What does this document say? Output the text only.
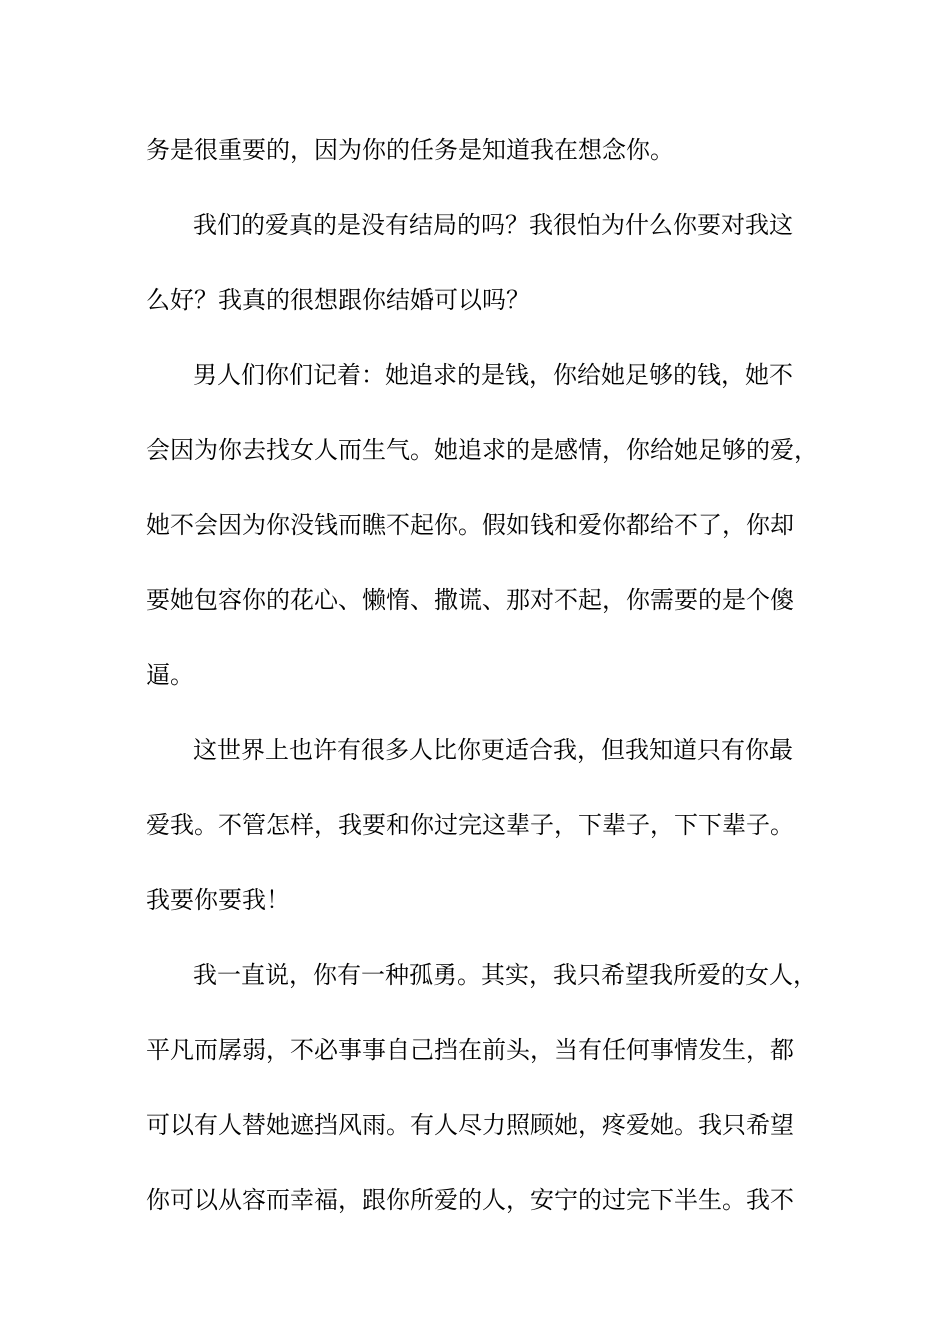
务是很重要的，因为你的任务是知道我在想念你。
我们的爱真的是没有结局的吗？我很怕为什么你要对我这
么好？我真的很想跟你结婚可以吗？
男人们你们记着：她追求的是钱，你给她足够的钱，她不
会因为你去找女人而生气。她追求的是感情，你给她足够的爱，
她不会因为你没钱而瞧不起你。假如钱和爱你都给不了，你却
要她包容你的花心、懒惰、撒谎、那对不起，你需要的是个傻
逼。
这世界上也许有很多人比你更适合我，但我知道只有你最
爱我。不管怎样，我要和你过完这辈子，下辈子，下下辈子。
我要你要我！
我一直说，你有一种孤勇。其实，我只希望我所爱的女人，
平凡而孱弱，不必事事自己挡在前头，当有任何事情发生，都
可以有人替她遮挡风雨。有人尽力照顾她，疼爱她。我只希望
你可以从容而幸福，跟你所爱的人，安宁的过完下半生。我不
